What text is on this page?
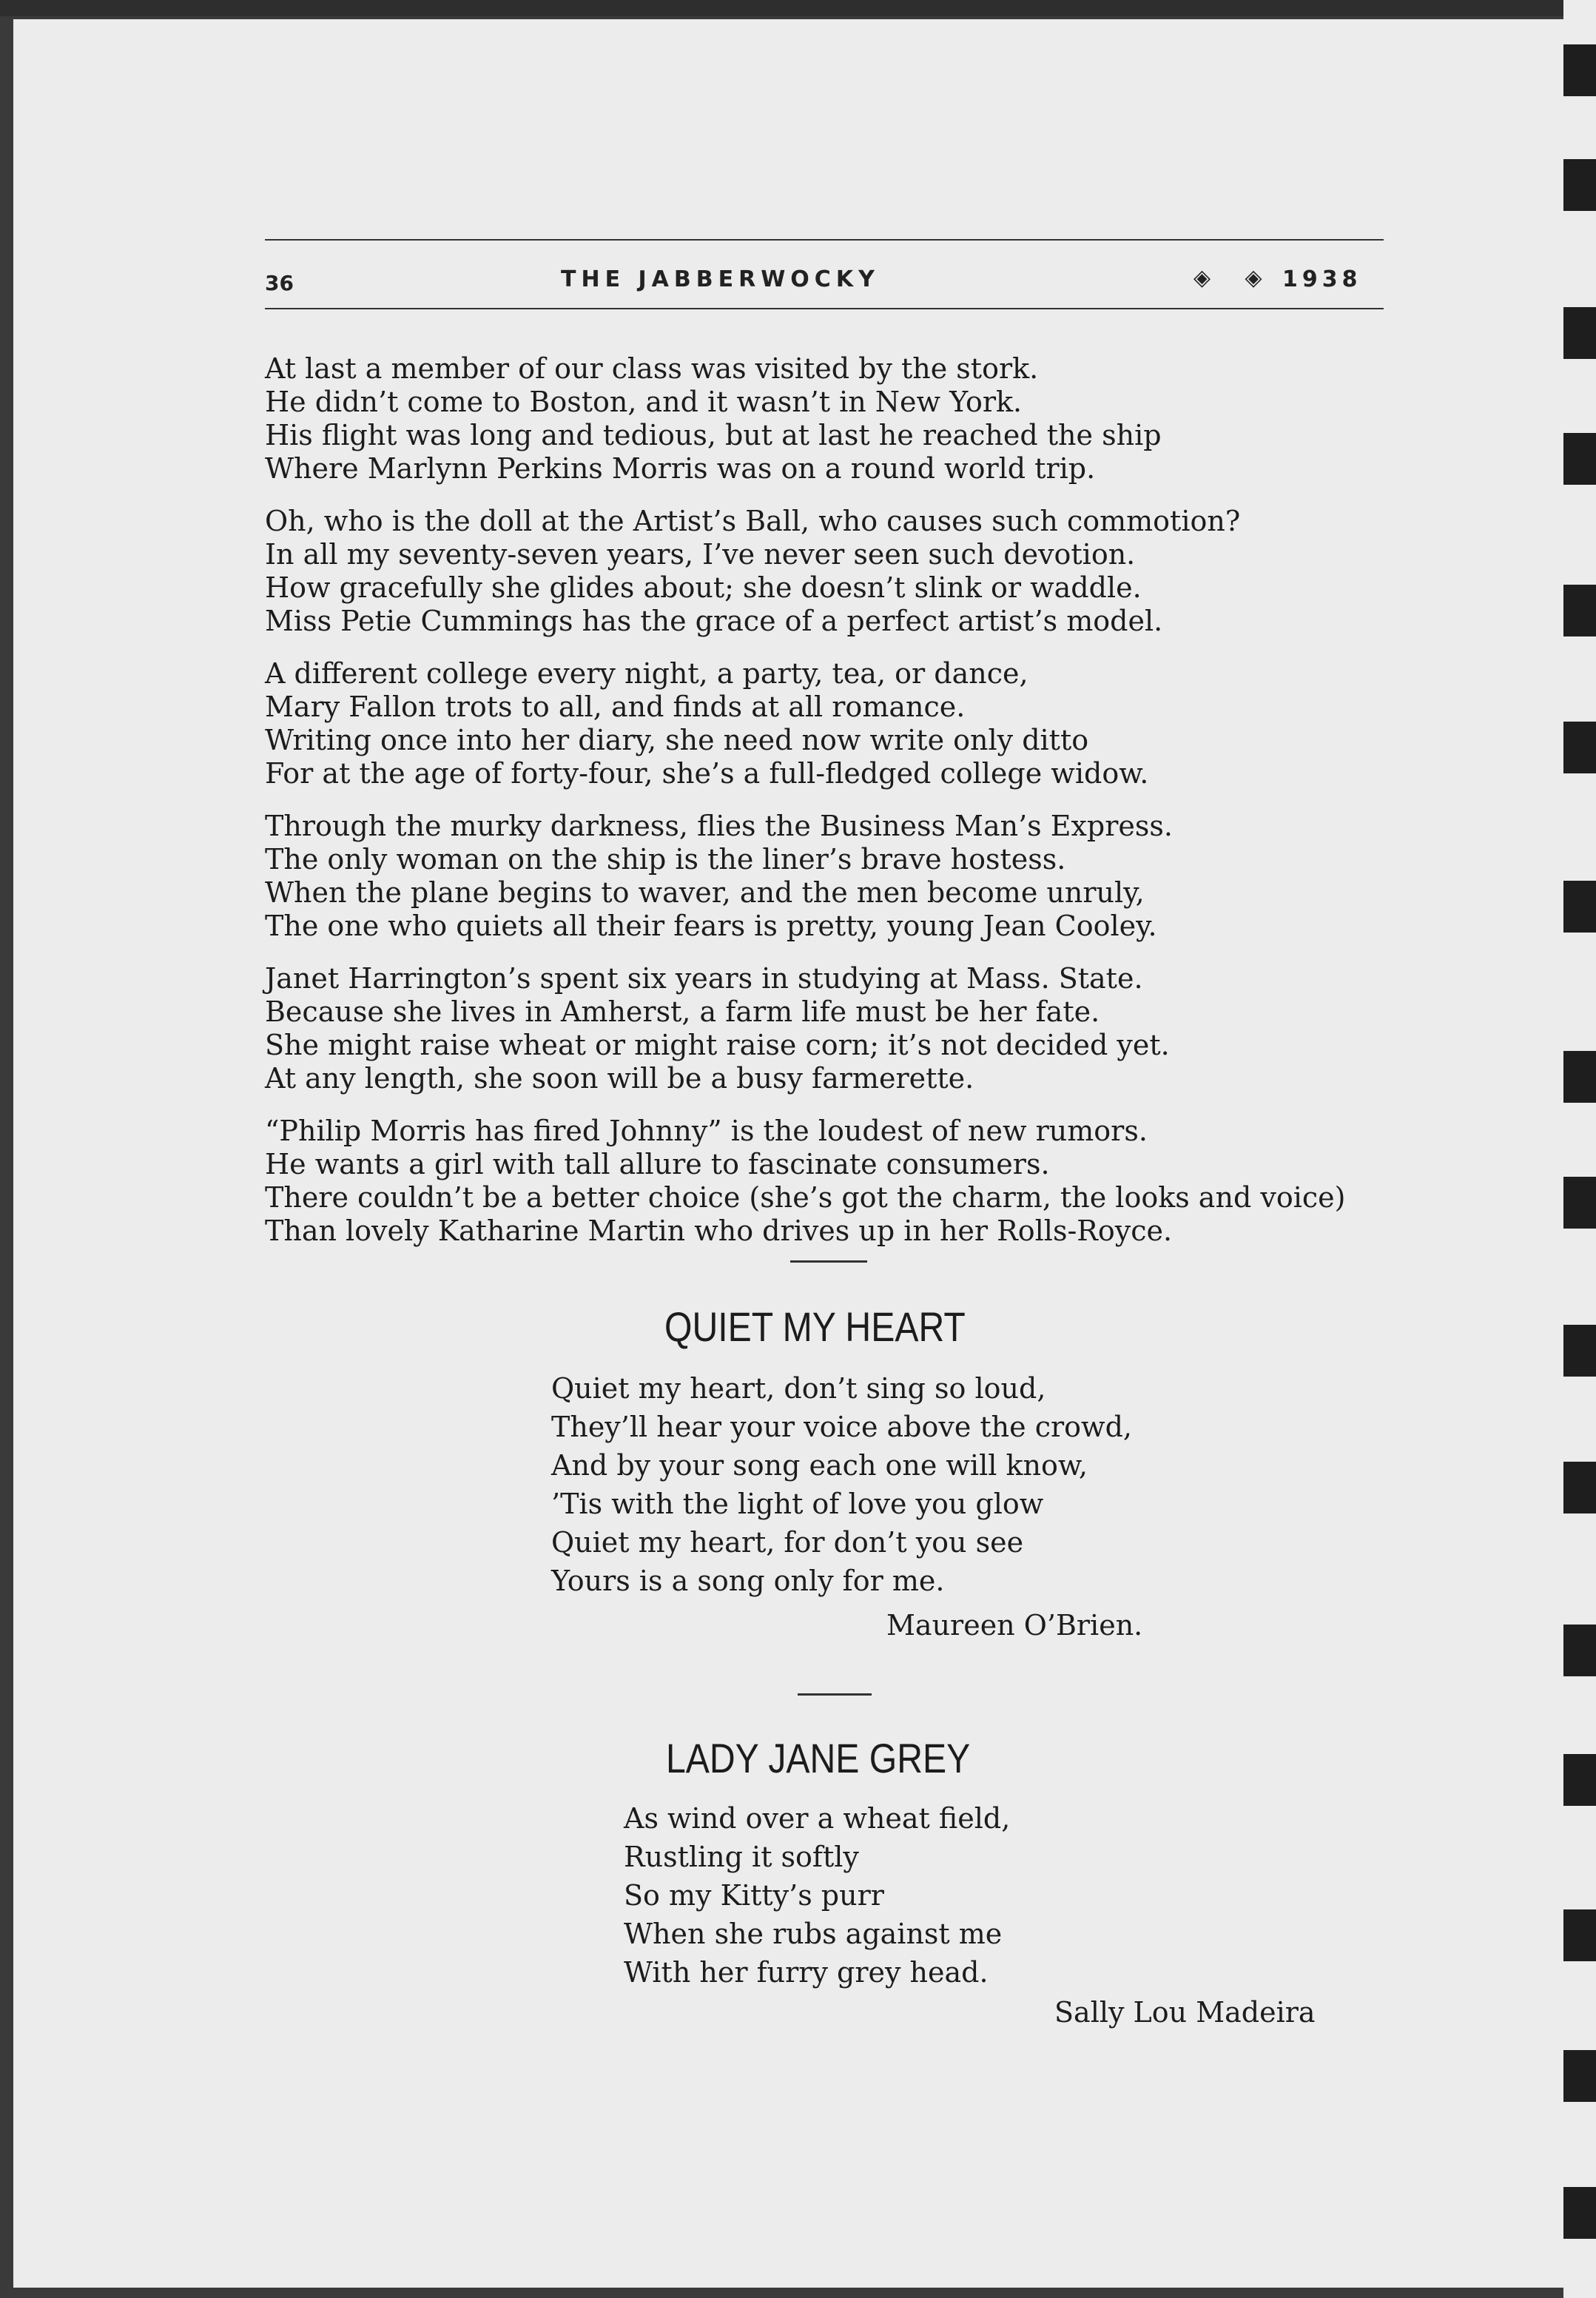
36	THE JABBERWOCKY	◈ ◈ 1938
At last a member of our class was visited by the stork.
He didn’t come to Boston, and it wasn’t in New York.
His flight was long and tedious, but at last he reached the ship
Where Marlynn Perkins Morris was on a round world trip.
Oh, who is the doll at the Artist’s Ball, who causes such commotion?
In all my seventy-seven years, I’ve never seen such devotion.
How gracefully she glides about; she doesn’t slink or waddle.
Miss Petie Cummings has the grace of a perfect artist’s model.
A different college every night, a party, tea, or dance,
Mary Fallon trots to all, and finds at all romance.
Writing once into her diary, she need now write only ditto
For at the age of forty-four, she’s a full-fledged college widow.
Through the murky darkness, flies the Business Man’s Express.
The only woman on the ship is the liner’s brave hostess.
When the plane begins to waver, and the men become unruly,
The one who quiets all their fears is pretty, young Jean Cooley.
Janet Harrington’s spent six years in studying at Mass. State.
Because she lives in Amherst, a farm life must be her fate.
She might raise wheat or might raise corn; it’s not decided yet.
At any length, she soon will be a busy farmerette.
“Philip Morris has fired Johnny” is the loudest of new rumors.
He wants a girl with tall allure to fascinate consumers.
There couldn’t be a better choice (she’s got the charm, the looks and voice)
Than lovely Katharine Martin who drives up in her Rolls-Royce.
QUIET MY HEART
Quiet my heart, don’t sing so loud,
They’ll hear your voice above the crowd,
And by your song each one will know,
’Tis with the light of love you glow
Quiet my heart, for don’t you see
Yours is a song only for me.
Maureen O’Brien.
LADY JANE GREY
As wind over a wheat field,
Rustling it softly
So my Kitty’s purr
When she rubs against me
With her furry grey head.
Sally Lou Madeira
